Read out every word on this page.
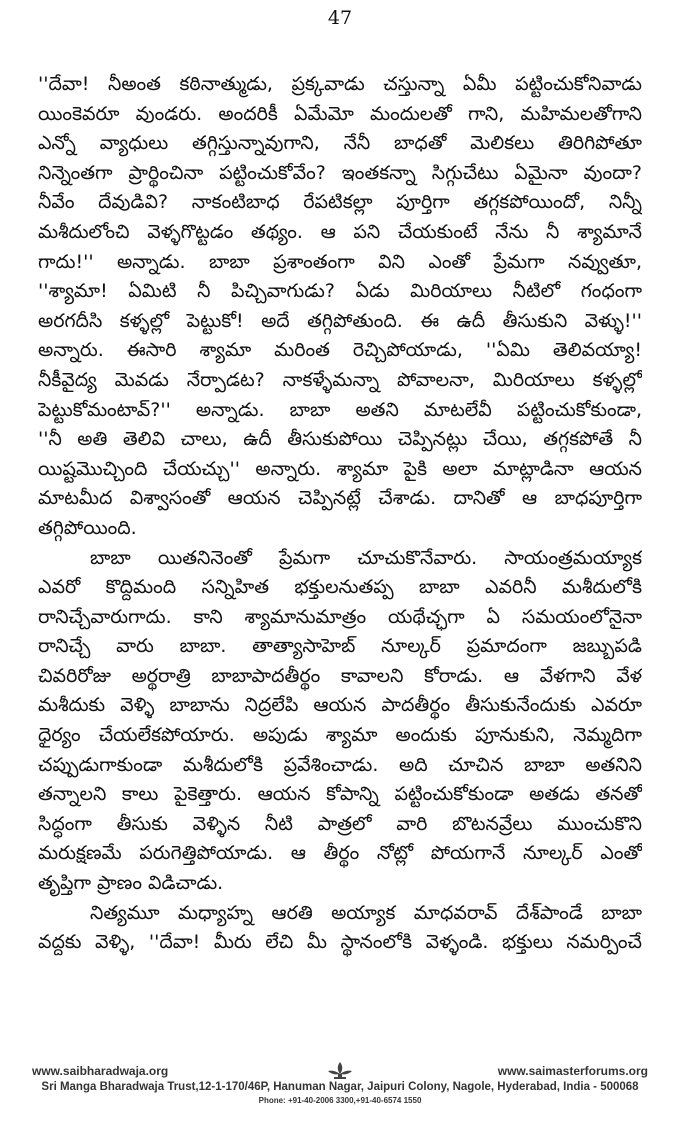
47
''దేవా! నీఅంత కఠినాత్ముడు, ప్రక్కవాడు చస్తున్నా ఏమీ పట్టించుకోనివాడు
యింకెవరూ వుండరు. అందరికీ ఏమేమో మందులతో గాని, మహిమలతోగాని
ఎన్నో వ్యాధులు తగ్గిస్తున్నావుగాని, నేనీ బాధతో మెలికలు తిరిగిపోతూ
నిన్నెంతగా ప్రార్థించినా పట్టించుకోవేం? ఇంతకన్నా సిగ్గుచేటు ఏమైనా వుందా?
నీవేం దేవుడివి? నాకంటిబాధ రేపటికల్లా పూర్తిగా తగ్గకపోయిందో, నిన్నీ
మశీదులోంచి వెళ్ళగొట్టడం తథ్యం. ఆ పని చేయకుంటే నేను నీ శ్యామానే
గాదు!'' అన్నాడు. బాబా ప్రశాంతంగా విని ఎంతో ప్రేమగా నవ్వుతూ,
''శ్యామా! ఏమిటి నీ పిచ్చివాగుడు? ఏడు మిరియాలు నీటిలో గంధంగా
అరగదీసి కళ్ళల్లో పెట్టుకో! అదే తగ్గిపోతుంది. ఈ ఉదీ తీసుకుని వెళ్ళు!''
అన్నారు. ఈసారి శ్యామా మరింత రెచ్చిపోయాడు, ''ఏమి తెలివయ్యా!
నీకీవైద్య మెవడు నేర్పాడట? నాకళ్ళేమన్నా పోవాలనా, మిరియాలు కళ్ళల్లో
పెట్టుకోమంటావ్?'' అన్నాడు. బాబా అతని మాటలేవీ పట్టించుకోకుండా,
''నీ అతి తెలివి చాలు, ఉదీ తీసుకుపోయి చెప్పినట్లు చేయి, తగ్గకపోతే నీ
యిష్టమొచ్చింది చేయచ్చు'' అన్నారు. శ్యామా పైకి అలా మాట్లాడినా ఆయన
మాటమీద విశ్వాసంతో ఆయన చెప్పినట్లే చేశాడు. దానితో ఆ బాధపూర్తిగా
తగ్గిపోయింది.
బాబా యితనినెంతో ప్రేమగా చూచుకొనేవారు. సాయంత్రమయ్యాక
ఎవరో కొద్దిమంది సన్నిహిత భక్తులనుతప్ప బాబా ఎవరినీ మశీదులోకి
రానిచ్చేవారుగాదు. కాని శ్యామానుమాత్రం యథేచ్ఛగా ఏ సమయంలోనైనా
రానిచ్చే వారు బాబా. తాత్యాసాహెబ్ నూల్కర్ ప్రమాదంగా జబ్బుపడి
చివరిరోజు అర్థరాత్రి బాబాపాదతీర్థం కావాలని కోరాడు. ఆ వేళగాని వేళ
మశీదుకు వెళ్ళి బాబాను నిద్రలేపి ఆయన పాదతీర్థం తీసుకునేందుకు ఎవరూ
ధైర్యం చేయలేకపోయారు. అపుడు శ్యామా అందుకు పూనుకుని, నెమ్మదిగా
చప్పుడుగాకుండా మశీదులోకి ప్రవేశించాడు. అది చూచిన బాబా అతనిని
తన్నాలని కాలు పైకెత్తారు. ఆయన కోపాన్ని పట్టించుకోకుండా అతడు తనతో
సిద్ధంగా తీసుకు వెళ్ళిన నీటి పాత్రలో వారి బొటనవ్రేలు ముంచుకొని
మరుక్షణమే పరుగెత్తిపోయాడు. ఆ తీర్థం నోట్లో పోయగానే నూల్కర్ ఎంతో
తృప్తిగా ప్రాణం విడిచాడు.
నిత్యమూ మధ్యాహ్న ఆరతి అయ్యాక మాధవరావ్ దేశ్‌పాండే బాబా
వద్దకు వెళ్ళి, ''దేవా! మీరు లేచి మీ స్థానంలోకి వెళ్ళండి. భక్తులు నమర్పించే
www.saibharadwaja.org	www.saimasterforums.org
Sri Manga Bharadwaja Trust,12-1-170/46P, Hanuman Nagar, Jaipuri Colony, Nagole, Hyderabad, India - 500068
Phone: +91-40-2006 3300,+91-40-6574 1550
